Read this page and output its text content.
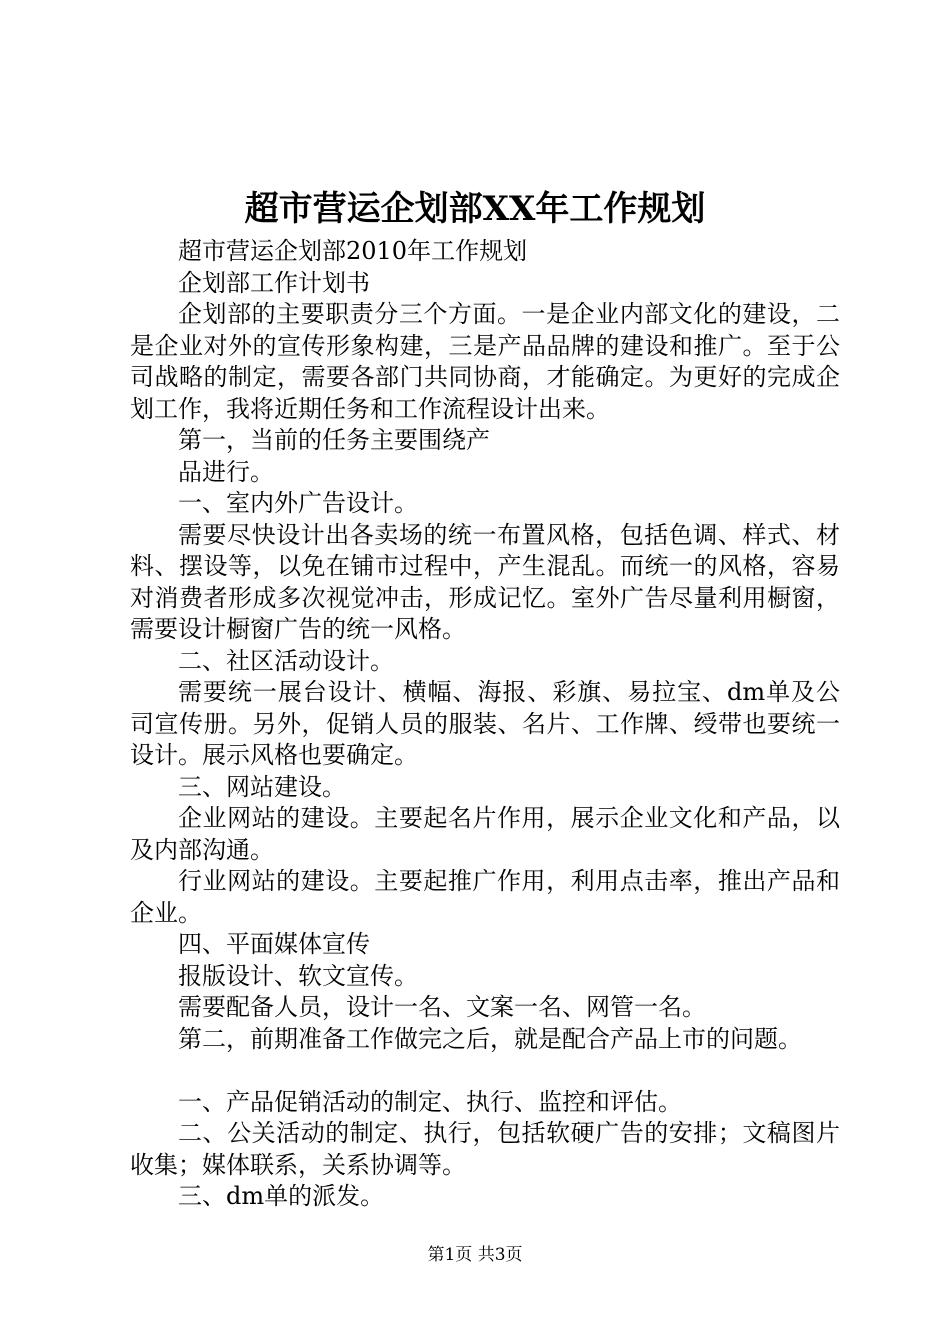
超市营运企划部XX年工作规划

超市营运企划部2010年工作规划

企划部工作计划书

企划部的主要职责分三个方面。一是企业内部文化的建设，二是企业对外的宣传形象构建，三是产品品牌的建设和推广。至于公司战略的制定，需要各部门共同协商，才能确定。为更好的完成企划工作，我将近期任务和工作流程设计出来。

第一，当前的任务主要围绕产

品进行。

一、室内外广告设计。

需要尽快设计出各卖场的统一布置风格，包括色调、样式、材料、摆设等，以免在铺市过程中，产生混乱。而统一的风格，容易对消费者形成多次视觉冲击，形成记忆。室外广告尽量利用橱窗，需要设计橱窗广告的统一风格。

二、社区活动设计。

需要统一展台设计、横幅、海报、彩旗、易拉宝、dm单及公司宣传册。另外，促销人员的服装、名片、工作牌、绶带也要统一设计。展示风格也要确定。

三、网站建设。

企业网站的建设。主要起名片作用，展示企业文化和产品，以及内部沟通。

行业网站的建设。主要起推广作用，利用点击率，推出产品和企业。

四、平面媒体宣传

报版设计、软文宣传。

需要配备人员，设计一名、文案一名、网管一名。

第二，前期准备工作做完之后，就是配合产品上市的问题。

一、产品促销活动的制定、执行、监控和评估。

二、公关活动的制定、执行，包括软硬广告的安排；文稿图片收集；媒体联系，关系协调等。

三、dm单的派发。

第1页 共3页
